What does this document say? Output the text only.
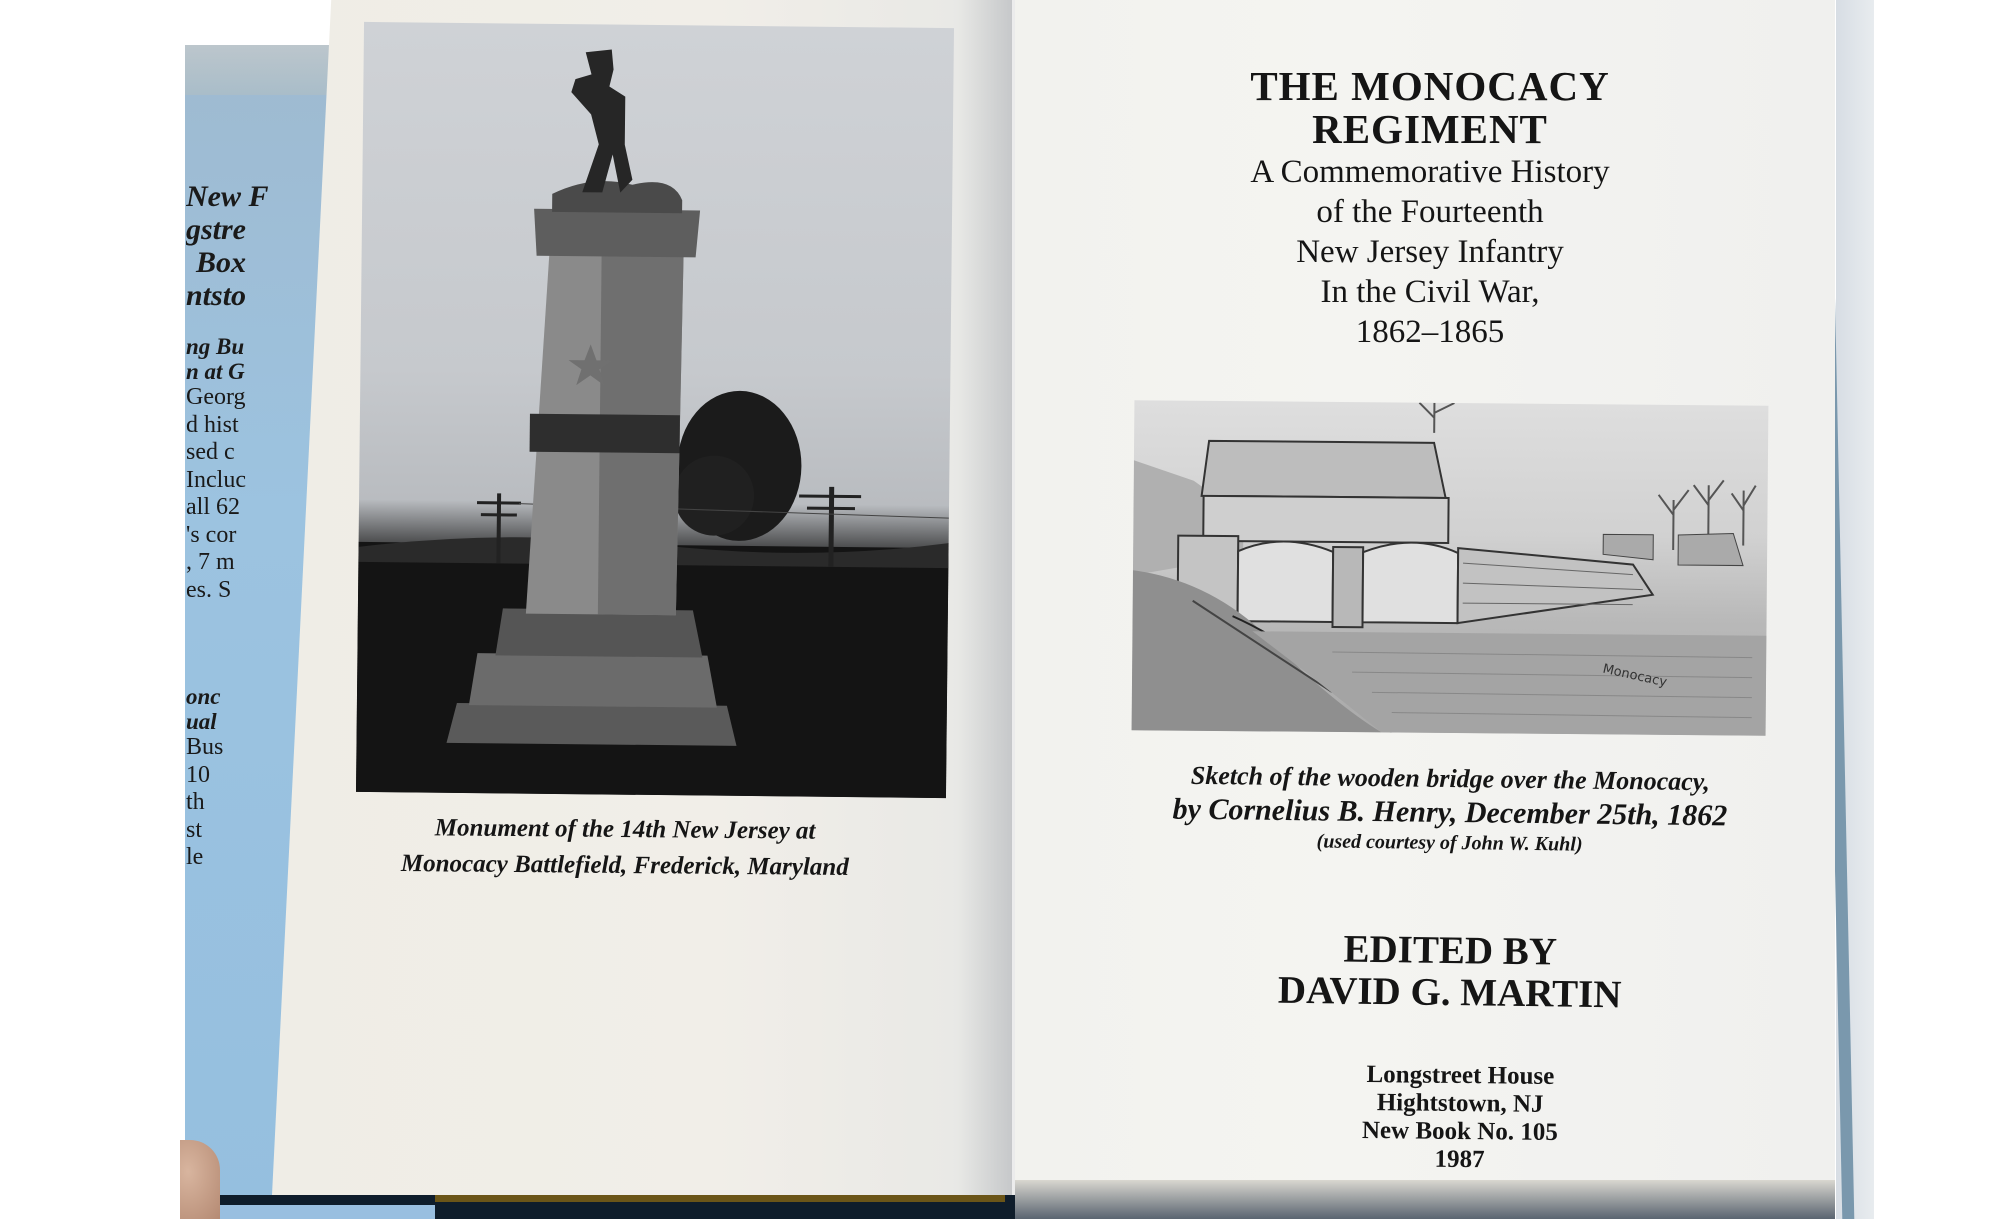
New F
gstre
Box
ntsto
ng Bu
n at G
Georg
d hist
sed c
Incluc
all 62
's cor
, 7 m
es. S
onc
ual
Bus
10
th
st
le
Monument of the 14th New Jersey at
Monocacy Battlefield, Frederick, Maryland
THE MONOCACY
REGIMENT
A Commemorative History
of the Fourteenth
New Jersey Infantry
In the Civil War,
1862–1865
Monocacy
Sketch of the wooden bridge over the Monocacy,
by Cornelius B. Henry, December 25th, 1862
(used courtesy of John W. Kuhl)
EDITED BY
DAVID G. MARTIN
Longstreet House
Hightstown, NJ
New Book No. 105
1987
